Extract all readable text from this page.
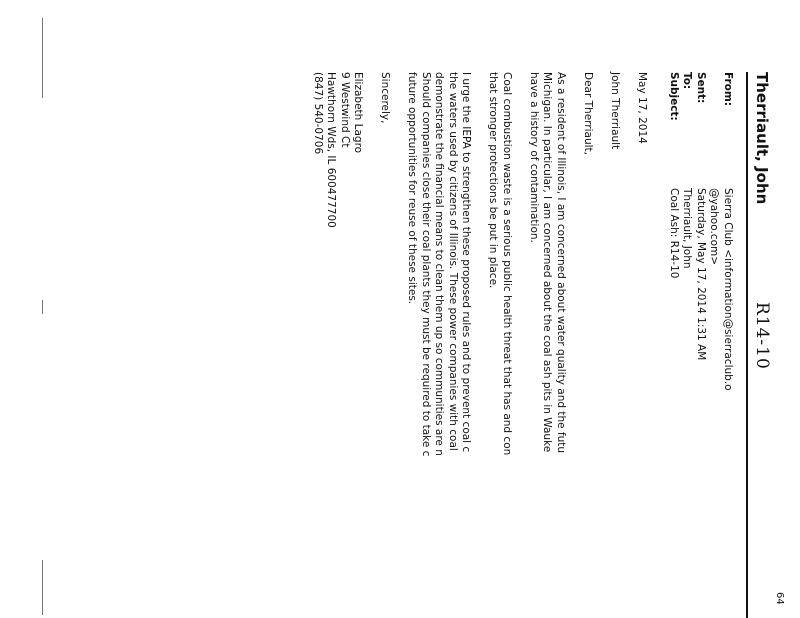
64
Therriault, John
R14-10
From:
Sierra Club <information@sierraclub.o
@yahoo.com>
Sent:
Saturday, May 17, 2014 1:31 AM
To:
Therriault, John
Subject:
Coal Ash: R14-10

May 17, 2014

John Therriault

Dear Therriault,

As a resident of Illinois, I am concerned about water quality and the futu

Michigan. In particular, I am concerned about the coal ash pits in Wauke

have a history of contamination.

Coal combustion waste is a serious public health threat that has and con

that stronger protections be put in place.

I urge the IEPA to strengthen these proposed rules and to prevent coal c

the waters used by citizens of Illinois. These power companies with coal

demonstrate the financial means to clean them up so communities are n

Should companies close their coal plants they must be required to take c

future opportunities for reuse of these sites.

Sincerely,

Elizabeth Lagro

9 Westwind Ct

Hawthorn Wds, IL 600477700

(847) 540-0706
